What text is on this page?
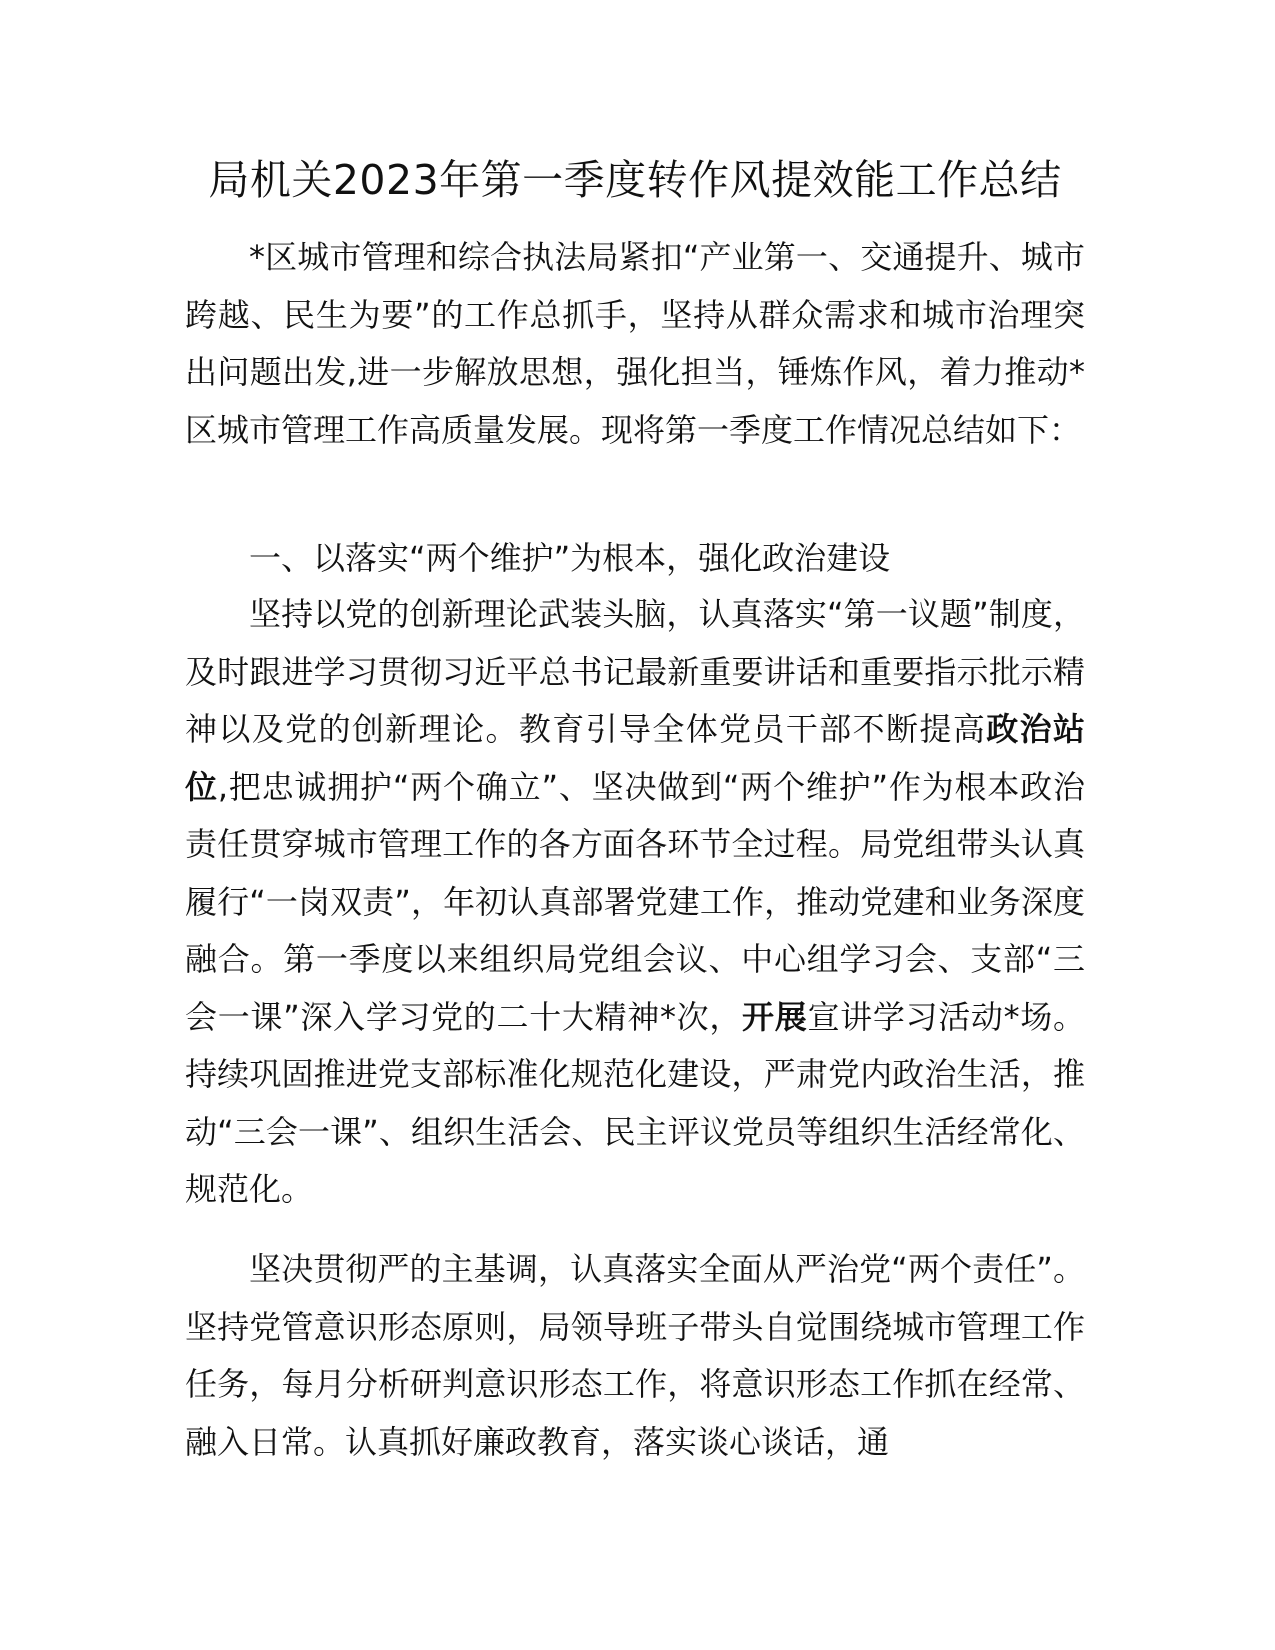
局机关2023年第一季度转作风提效能工作总结

*区城市管理和综合执法局紧扣“产业第一、交通提升、城市跨越、民生为要”的工作总抓手，坚持从群众需求和城市治理突出问题出发,进一步解放思想，强化担当，锤炼作风，着力推动*区城市管理工作高质量发展。现将第一季度工作情况总结如下：

一、以落实“两个维护”为根本，强化政治建设

坚持以党的创新理论武装头脑，认真落实“第一议题”制度，及时跟进学习贯彻习近平总书记最新重要讲话和重要指示批示精神以及党的创新理论。教育引导全体党员干部不断提高政治站位,把忠诚拥护“两个确立”、坚决做到“两个维护”作为根本政治责任贯穿城市管理工作的各方面各环节全过程。局党组带头认真履行“一岗双责”，年初认真部署党建工作，推动党建和业务深度融合。第一季度以来组织局党组会议、中心组学习会、支部“三会一课”深入学习党的二十大精神*次，开展宣讲学习活动*场。持续巩固推进党支部标准化规范化建设，严肃党内政治生活，推动“三会一课”、组织生活会、民主评议党员等组织生活经常化、规范化。

坚决贯彻严的主基调，认真落实全面从严治党“两个责任”。坚持党管意识形态原则，局领导班子带头自觉围绕城市管理工作任务，每月分析研判意识形态工作，将意识形态工作抓在经常、融入日常。认真抓好廉政教育，落实谈心谈话，通
